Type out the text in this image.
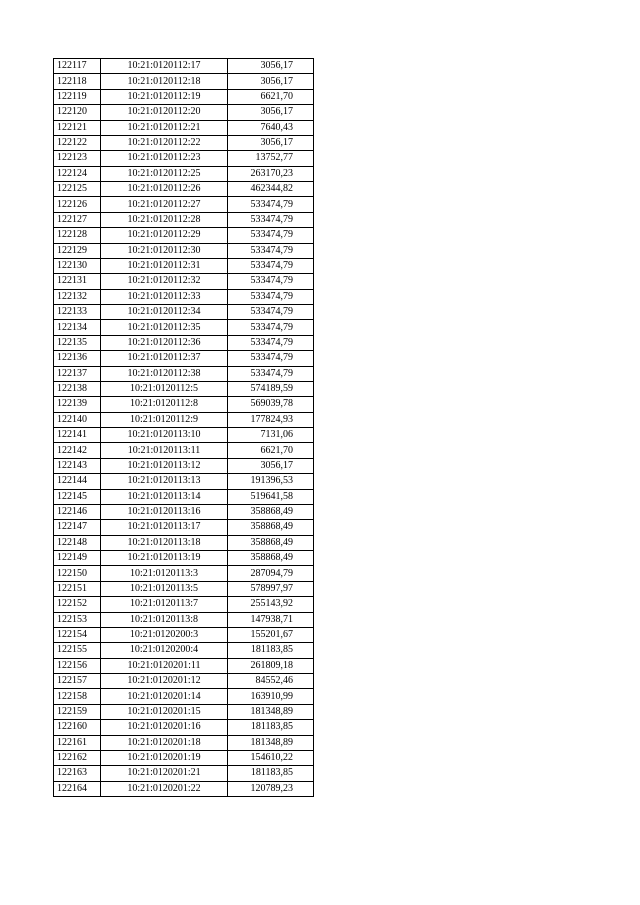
122117	10:21:0120112:17	3056,17
122118	10:21:0120112:18	3056,17
122119	10:21:0120112:19	6621,70
122120	10:21:0120112:20	3056,17
122121	10:21:0120112:21	7640,43
122122	10:21:0120112:22	3056,17
122123	10:21:0120112:23	13752,77
122124	10:21:0120112:25	263170,23
122125	10:21:0120112:26	462344,82
122126	10:21:0120112:27	533474,79
122127	10:21:0120112:28	533474,79
122128	10:21:0120112:29	533474,79
122129	10:21:0120112:30	533474,79
122130	10:21:0120112:31	533474,79
122131	10:21:0120112:32	533474,79
122132	10:21:0120112:33	533474,79
122133	10:21:0120112:34	533474,79
122134	10:21:0120112:35	533474,79
122135	10:21:0120112:36	533474,79
122136	10:21:0120112:37	533474,79
122137	10:21:0120112:38	533474,79
122138	10:21:0120112:5	574189,59
122139	10:21:0120112:8	569039,78
122140	10:21:0120112:9	177824,93
122141	10:21:0120113:10	7131,06
122142	10:21:0120113:11	6621,70
122143	10:21:0120113:12	3056,17
122144	10:21:0120113:13	191396,53
122145	10:21:0120113:14	519641,58
122146	10:21:0120113:16	358868,49
122147	10:21:0120113:17	358868,49
122148	10:21:0120113:18	358868,49
122149	10:21:0120113:19	358868,49
122150	10:21:0120113:3	287094,79
122151	10:21:0120113:5	578997,97
122152	10:21:0120113:7	255143,92
122153	10:21:0120113:8	147938,71
122154	10:21:0120200:3	155201,67
122155	10:21:0120200:4	181183,85
122156	10:21:0120201:11	261809,18
122157	10:21:0120201:12	84552,46
122158	10:21:0120201:14	163910,99
122159	10:21:0120201:15	181348,89
122160	10:21:0120201:16	181183,85
122161	10:21:0120201:18	181348,89
122162	10:21:0120201:19	154610,22
122163	10:21:0120201:21	181183,85
122164	10:21:0120201:22	120789,23
